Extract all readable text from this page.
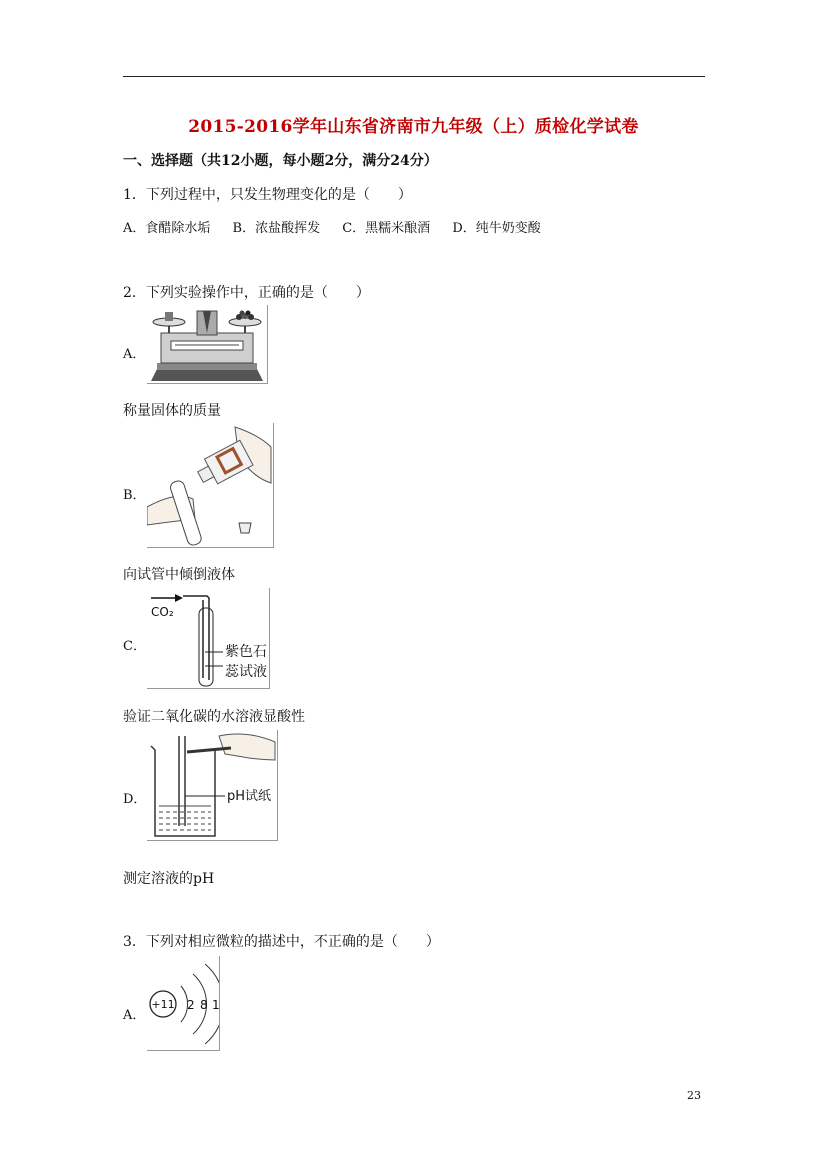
2015-2016学年山东省济南市九年级（上）质检化学试卷
一、选择题（共12小题，每小题2分，满分24分）
1．下列过程中，只发生物理变化的是（　　）
A．食醋除水垢 B．浓盐酸挥发 C．黑糯米酿酒 D．纯牛奶变酸
2．下列实验操作中，正确的是（　　）
A．
称量固体的质量
B．
向试管中倾倒液体
C．
CO₂
紫色石
蕊试液
验证二氧化碳的水溶液显酸性
D．	pH试纸
测定溶液的pH
3．下列对相应微粒的描述中，不正确的是（　　）
A．
+11 2 8 1
23
